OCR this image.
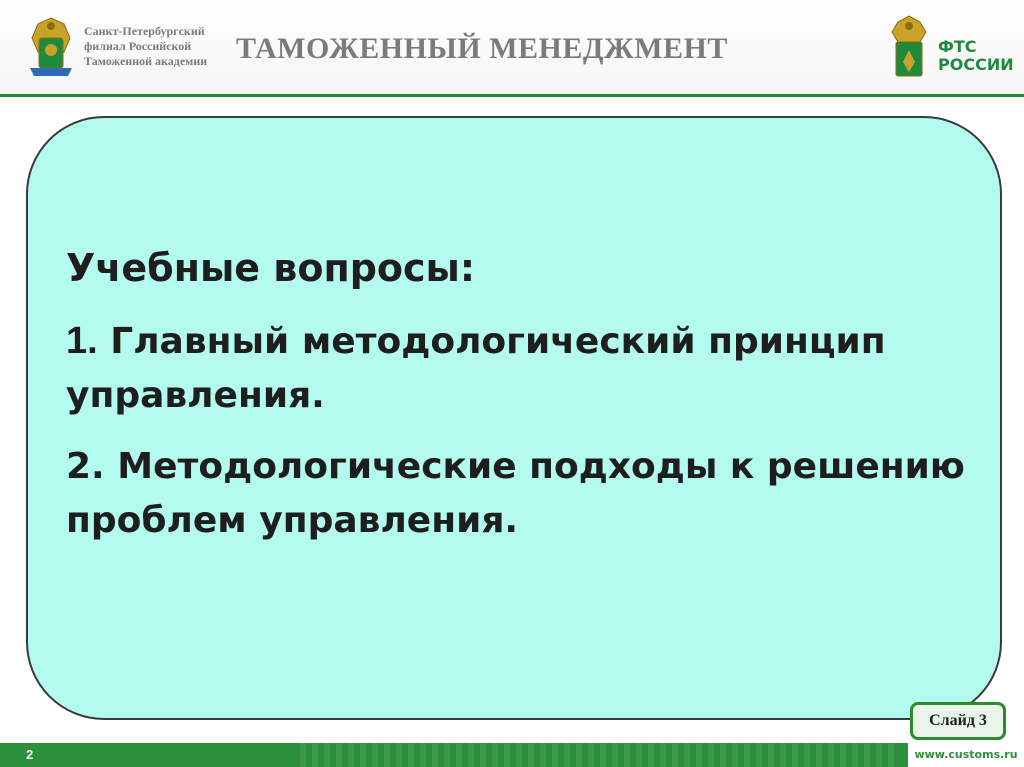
Санкт-Петербургский
филиал Российской
Таможенной академии ТАМОЖЕННЫЙ МЕНЕДЖМЕНТ	ФТС
РОССИИ
Учебные вопросы:
1. Главный методологический принцип управления.
2. Методологические подходы к решению проблем управления.
Слайд 3
2	www.customs.ru
